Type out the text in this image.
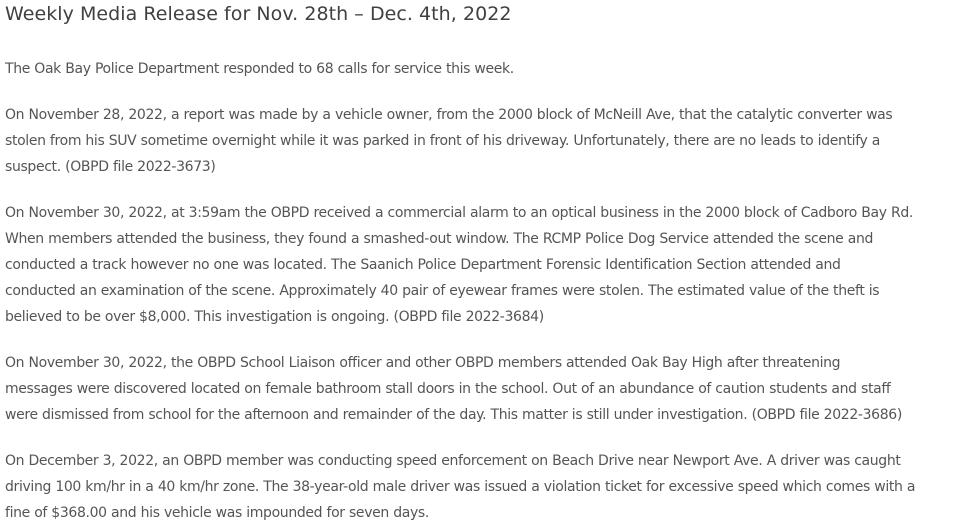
Weekly Media Release for Nov. 28th – Dec. 4th, 2022

The Oak Bay Police Department responded to 68 calls for service this week.

On November 28, 2022, a report was made by a vehicle owner, from the 2000 block of McNeill Ave, that the catalytic converter was
stolen from his SUV sometime overnight while it was parked in front of his driveway. Unfortunately, there are no leads to identify a
suspect. (OBPD file 2022-3673)

On November 30, 2022, at 3:59am the OBPD received a commercial alarm to an optical business in the 2000 block of Cadboro Bay Rd.
When members attended the business, they found a smashed-out window. The RCMP Police Dog Service attended the scene and
conducted a track however no one was located. The Saanich Police Department Forensic Identification Section attended and
conducted an examination of the scene. Approximately 40 pair of eyewear frames were stolen. The estimated value of the theft is
believed to be over $8,000. This investigation is ongoing. (OBPD file 2022-3684)

On November 30, 2022, the OBPD School Liaison officer and other OBPD members attended Oak Bay High after threatening
messages were discovered located on female bathroom stall doors in the school. Out of an abundance of caution students and staff
were dismissed from school for the afternoon and remainder of the day. This matter is still under investigation. (OBPD file 2022-3686)

On December 3, 2022, an OBPD member was conducting speed enforcement on Beach Drive near Newport Ave. A driver was caught
driving 100 km/hr in a 40 km/hr zone. The 38-year-old male driver was issued a violation ticket for excessive speed which comes with a
fine of $368.00 and his vehicle was impounded for seven days.
